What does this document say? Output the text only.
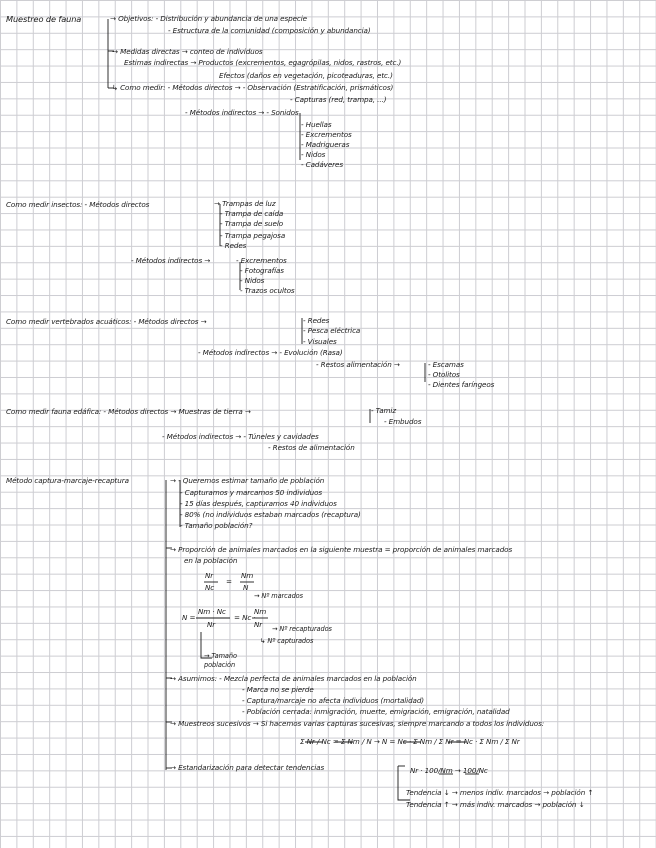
Muestreo de fauna	→ Objetivos: - Distribución y abundancia de una especie
- Estructura de la comunidad (composición y abundancia)
→ Medidas directas → conteo de individuos
Estimas indirectas → Productos (excrementos, egagrópilas, nidos, rastros, etc.)
Efectos (daños en vegetación, picoteaduras, etc.)
↳ Como medir: - Métodos directos → - Observación (Estratificación, prismáticos)
- Capturas (red, trampa, ...)
- Métodos indirectos → - Sonidos
- Huellas
- Excrementos
- Madrigueras
- Nidos
- Cadáveres
Como medir insectos: - Métodos directos	→ Trampas de luz
- Trampa de caída
- Trampa de suelo
- Trampa pegajosa
- Redes
- Métodos indirectos →	- Excrementos
- Fotografías
- Nidos
- Trazos ocultos
Como medir vertebrados acuáticos: - Métodos directos →	- Redes
- Pesca eléctrica
- Visuales
- Métodos indirectos → - Evolución (Rasa)
- Restos alimentación →	- Escamas
- Otolitos
- Dientes faríngeos
Como medir fauna edáfica: - Métodos directos → Muestras de tierra →	- Tamiz
- Embudos
- Métodos indirectos → - Túneles y cavidades
- Restos de alimentación
Método captura-marcaje-recaptura	→ - Queremos estimar tamaño de población
- Capturamos y marcamos 50 individuos
- 15 días después, capturamos 40 individuos
- 80% (no individuos estaban marcados (recaptura)
- Tamaño población?
→ Proporción de animales marcados en la siguiente muestra = proporción de animales marcados
en la población
Nr
Nc
=
Nm
N
→ Nº marcados
N =
Nm · Nc
Nr
= Nc ·
Nm
Nr → Nº recapturados
↳ Nº capturados
→ Tamaño
población
→ Asumimos: - Mezcla perfecta de animales marcados en la población
- Marca no se pierde
- Captura/marcaje no afecta individuos (mortalidad)
- Población cerrada: inmigración, muerte, emigración, emigración, natalidad
→ Muestreos sucesivos → Si hacemos varias capturas sucesivas, siempre marcando a todos los individuos:
Σ Nr / Nc = Σ Nm / N → N = Nc · Σ Nm / Σ Nr = Nc · Σ Nm / Σ Nr
→ Estandarización para detectar tendencias	Nr · 100/Nm → 100/Nc
Tendencia ↓ → menos indiv. marcados → población ↑
Tendencia ↑ → más indiv. marcados → población ↓
